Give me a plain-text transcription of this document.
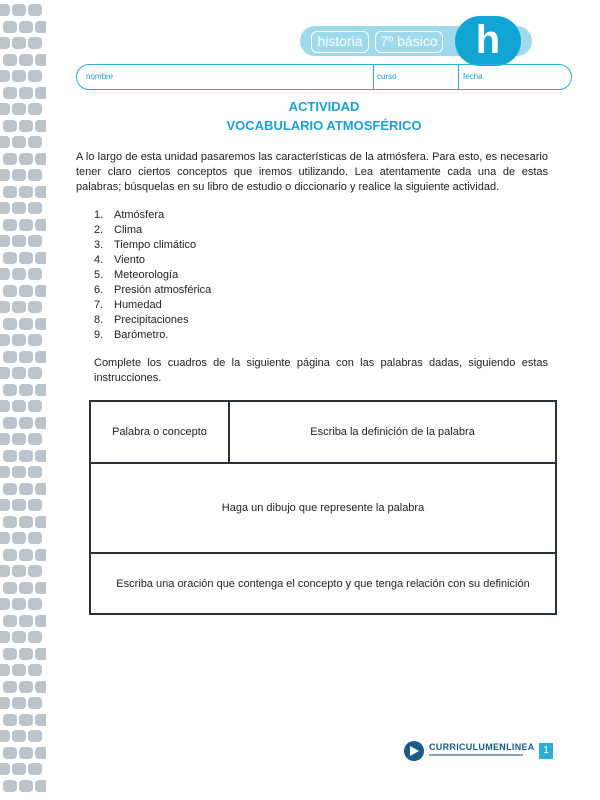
historia	7º básico h
nombre	curso	fecha
ACTIVIDAD
VOCABULARIO ATMOSFÉRICO

A lo largo de esta unidad pasaremos las características de la atmósfera. Para esto, es necesario tener claro ciertos conceptos que iremos utilizando. Lea atentamente cada una de estas palabras; búsquelas en su libro de estudio o diccionario y realice la siguiente actividad.

1. Atmósfera
2. Clima
3. Tiempo climático
4. Viento
5. Meteorología
6. Presión atmosférica
7. Humedad
8. Precipitaciones
9. Barómetro.

Complete los cuadros de la siguiente página con las palabras dadas, siguiendo estas instrucciones.

Palabra o concepto	Escriba la definición de la palabra
Haga un dibujo que represente la palabra
Escriba una oración que contenga el concepto y que tenga relación con su definición
CURRICULUMENLINEA 1
